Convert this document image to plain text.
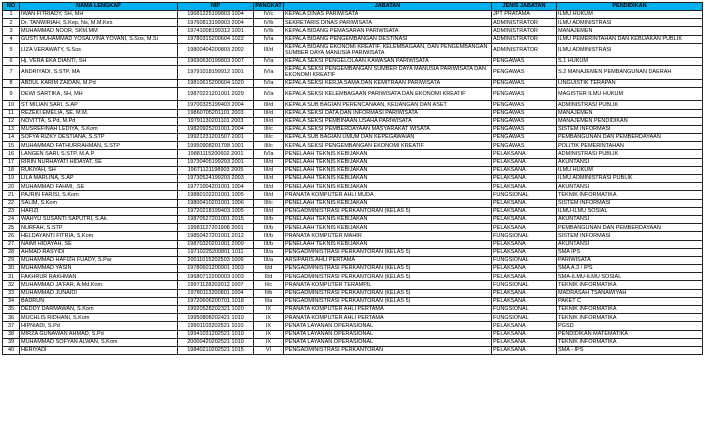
NO	NAMA LENGKAP	NIP	PANGKAT	JABATAN	JENIS JABATAN	PENDIDIKAN
1	IWAN FITRIADY, SH, MH	19681225199803 1004	IV/c	KEPALA DINAS PARIWISATA	JPT PRATAMA	ILMU HUKUM
2	Dr. TANWIRIAH, S.Kep, Ns, M.M.Kes	19760813199903 2004	IV/b	SEKRETARIS DINAS PARIWISATA	ADMINISTRATOR	ILMU ADMINISTRASI
3	MUHAMMAD NOOR, SKM.MM	19741008199312 1001	IV/b	KEPALA BIDANG PEMASARAN PARIWISATA	ADMINISTRATOR	MANAJEMEN
4	GUSTI MUHAMMAD YOSALVINA YOVANI, S.Sos, M.Si	19780315200604 1022	IV/a	KEPALA BIDANG PENGEMBANGAN DESTINASI	ADMINISTRATOR	ILMU PEMERINTAHAN DAN KEBIJAKAN PUBLIK
5	LIZA VERAWATY, S.Sos	19800404200803 2002	III/d	KEPALA BIDANG EKONOMI KREATIF, KELEMBAGAAN, DAN PENGEMBANGAN SUMBER DAYA MANUSIA PARIWISATA	ADMINISTRATOR	ILMU ADMINISTRASI
6	Hj. VERA EKA DIANTI, SH	19690630199803 2007	IV/a	KEPALA SEKSI PENGELOLAAN KAWASAN PARIWISATA	PENGAWAS	S.1 HUKUM
7	ANDRIYADI, S.STP, MA	19791018199912 1001	IV/a	KEPALA SEKSI PENGEMBANGAN SUMBER DAYA MANUSIA PARIWISATA DAN EKONOMI KREATIF	PENGAWAS	S.2 MANAJEMEN PEMBANGUNAN DAERAH
8	ABDUL KARIM ZAIDAN, M.Pd	19810615200604 1020	IV/a	KEPALA SEKSI KERJA SAMA DAN KEMITRAAN PARIWISATA	PENGAWAS	LINGUISTIK TERAPAN
9	DEWI SARTIKA, SH, MH	19870221201001 2029	IV/a	KEPALA SEKSI KELEMBAGAAN PARIWISATA DAN EKONOMI KREATIF	PENGAWAS	MAGISTER ILMU HUKUM
10	ST MILIAN SARI, S.AP	19700325199403 2004	III/d	KEPALA SUB BAGIAN PERENCANAAN, KEUANGAN DAN ASET	PENGAWAS	ADMINISTRASI PUBLIK
11	REZEKI EMELIA, SE, M.M.	19860705201101 2003	III/d	KEPALA SEKSI DATA DAN INFORMASI PARIWISATA	PENGAWAS	MANAJEMEN
12	NOVITTA, S.Pd, M.Pd	19791130201101 2003	III/d	KEPALA SEKSI PEMBINAAN USAHA PARIWISATA	PENGAWAS	MANAJEMEN PENDIDIKAN
13	MUSREFINAH LEDIYA, S.Kom	19820925201001 2004	III/c	KEPALA SEKSI PEMBERDAYAAN MASYARAKAT WISATA	PENGAWAS	SISTEM INFORMASI
14	SOFYA RIZKY DESTIANA, S.STP	19921231201507 2001	III/c	KEPALA SUB BAGIAN UMUM DAN KEPEGAWAIAN	PENGAWAS	PEMBANGUNAN DAN PEMBERDAYAAN
15	MUHAMMAD FATHURRAHMAN, S.STP	19950908201708 1001	III/c	KEPALA SEKSI PENGEMBANGAN EKONOMI KREATIF	PENGAWAS	POLITIK PEMERINTAHAN
16	LANGEN SARI, S.STP, M.A.P	19881115200602 2001	IV/a	PENELAAH TEKNIS KEBIJAKAN	PELAKSANA	ADMINISTRASI PUBLIK
17	RIRIN NURHAYATI HIDAYAT, SE	19730405199203 2001	III/d	PENELAAH TEKNIS KEBIJAKAN	PELAKSANA	AKUNTANSI
18	RUKIYAH, SH	19671121198903 2005	III/d	PENELAAH TEKNIS KEBIJAKAN	PELAKSANA	ILMU HUKUM
19	LILA MARLINA, S.AP	19730524199203 2003	III/d	PENELAAH TEKNIS KEBIJAKAN	PELAKSANA	ILMU ADMINISTRASI PUBLIK
20	MUHAMMAD FAHMI, .SE	19771004201001 1004	III/d	PENELAAH TEKNIS KEBIJAKAN	PELAKSANA	AKUNTANSI
21	PAJRIN FARISI, S.Kom	19880102201001 1005	III/d	PRANATA KOMPUTER AHLI MUDA	FUNGSIONAL	TEKNIK INFORMATIKA
22	SALIM, S.Kom	19800410201001 1006	III/c	PENELAAH TEKNIS KEBIJAKAN	PELAKSANA	SISTEM INFORMASI
23	HAFIZI	19720218199403 1005	III/d	PENGADMINISTRASI PERKANTORAN (KELAS 5)	PELAKSANA	ILMU-ILMU SOSIAL
24	WAHYU SUSANTI SAPUTRI, S.Ak.	19870527201001 2015	III/b	PENELAAH TEKNIS KEBIJAKAN	PELAKSANA	AKUNTANSI
25	NURFAH, S.STP	19981127201908 2001	III/b	PENELAAH TEKNIS KEBIJAKAN	PELAKSANA	PEMBANGUNAN DAN PEMBERDAYAAN
26	HELDAYANTI FITRIA, S.Kom	19850427201001 2012	III/b	PRANATA KOMPUTER MAHIR	FUNGSIONAL	SISTEM INFORMASI
27	NAIMI HIDAYAH, SE	19870320201001 2009	III/b	PENELAAH TEKNIS KEBIJAKAN	PELAKSANA	AKUNTANSI
28	AHMAD RASYIDI	19710225200801 1011	III/a	PENGADMINISTRASI PERKANTORAN (KELAS 5)	PELAKSANA	SMA IPS
29	MUHAMMAD HAFIZH FUADY, S.Par	20011015202503 1009	III/a	ARSIPARIS AHLI PERTAMA	FUNGSIONAL	PARIWISATA
30	MUHAMMAD YASIN	19780601200901 1003	II/d	PENGADMINISTRASI PERKANTORAN (KELAS 5)	PELAKSANA	SMA A.3 / IPS
31	FAKHRUR RAKHMAN	19680712200003 1003	II/d	PENGADMINISTRASI PERKANTORAN (KELAS 5)	PELAKSANA	SMA-ILMU-ILMU SOSIAL
32	MUHAMMAD JA'FAR, A.Md.Kom.	19971128202012 1007	II/c	PRANATA KOMPUTER TERAMPIL	FUNGSIONAL	TEKNIK INFORMATIKA
33	MUHAMMAD JUNAIDI	19780113200801 1004	II/b	PENGADMINISTRASI PERKANTORAN (KELAS 5)	PELAKSANA	MADRASAH TSANAWIYAH
34	BADRUN	19720606200701 1018	II/a	PENGADMINISTRASI PERKANTORAN (KELAS 5)	PELAKSANA	PAKET C
35	DEDDY DARMAWAN, S.Kom	19920528202321 1020	IX	PRANATA KOMPUTER AHLI PERTAMA	FUNGSIONAL	TEKNIK INFORMATIKA
36	MUCHLIS RIDHANI, S.Kom	19950808202421 1010	IX	PRANATA KOMPUTER AHLI PERTAMA	FUNGSIONAL	TEKNIK INFORMATIKA
37	HIPNIADI, S.Pd	19901103202521 1010	IX	PENATA LAYANAN OPERASIONAL	PELAKSANA	PGSD
38	MIRZA GUNAWAN AHMAD, S.Pd	19941031202521 1010	IX	PENATA LAYANAN OPERASIONAL	PELAKSANA	PENDIDIKAN MATEMATIKA
39	MUHAMMAD SOFYAN ALWAN, S.Kom	20000420202521 1010	IX	PENATA LAYANAN OPERASIONAL	PELAKSANA	TEKNIK INFORMATIKA
40	HERIYADI	19840210202521 1015	VI	PENGADMINISTRASI PERKANTORAN	PELAKSANA	SMA - IPS
